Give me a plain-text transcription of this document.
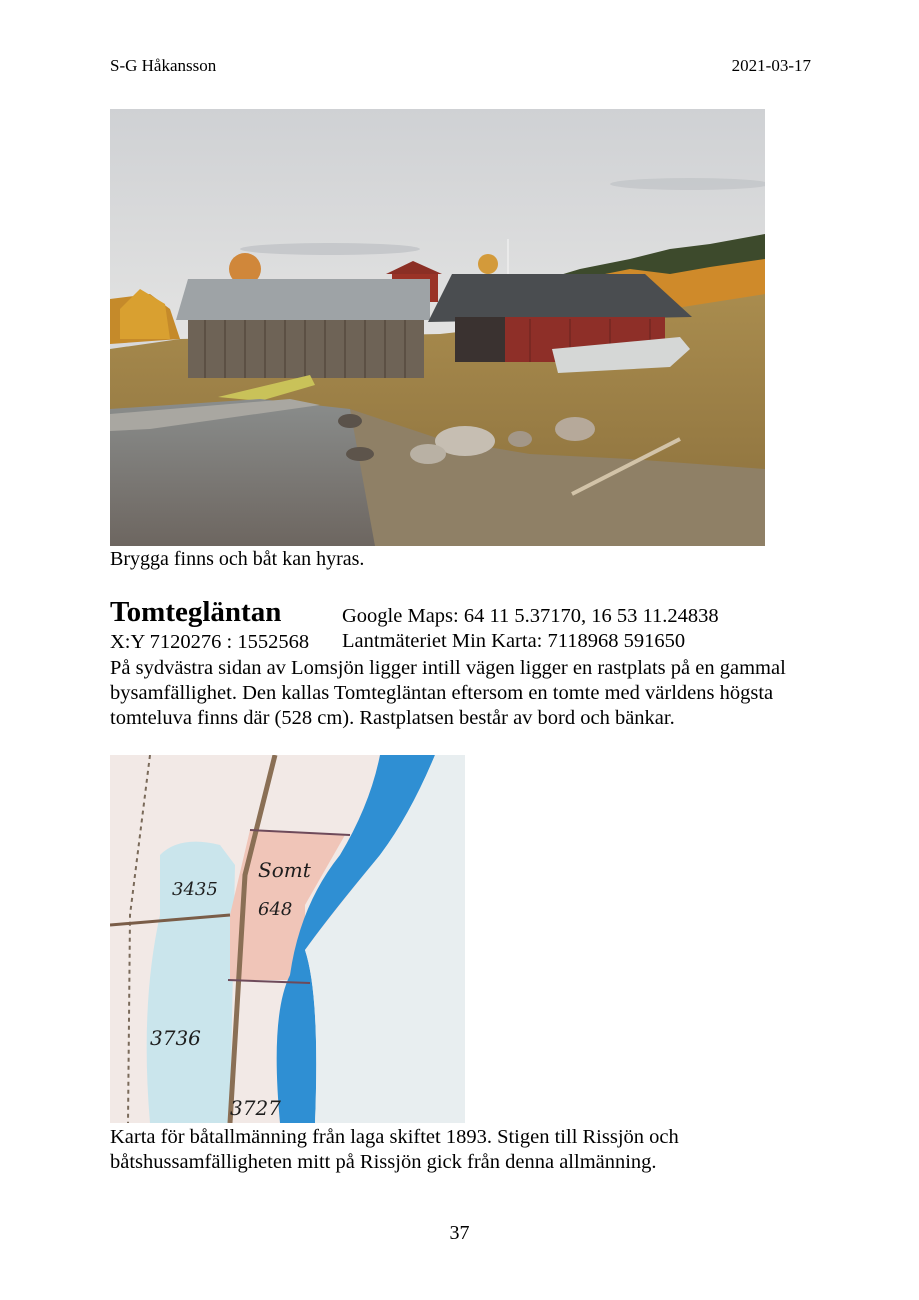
S-G Håkansson	2021-03-17
Brygga finns och båt kan hyras.
Tomtegläntan	Google Maps: 64 11 5.37170, 16 53 11.24838
X:Y 7120276 : 1552568 Lantmäteriet Min Karta: 7118968 591650
På sydvästra sidan av Lomsjön ligger intill vägen ligger en rastplats på en gammal bysamfällighet. Den kallas Tomtegläntan eftersom en tomte med världens högsta tomteluva finns där (528 cm). Rastplatsen består av bord och bänkar.
Somt
648
3435
3736
3727
Karta för båtallmänning från laga skiftet 1893. Stigen till Rissjön och båtshussamfälligheten mitt på Rissjön gick från denna allmänning.
37
